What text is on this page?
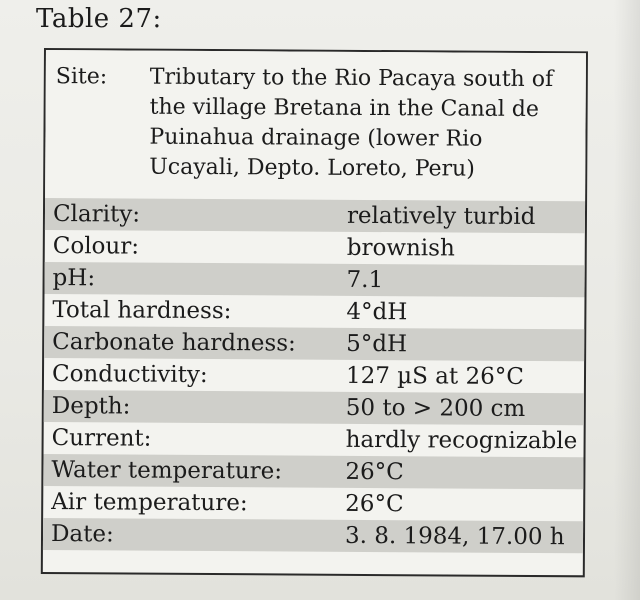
Table 27:
Site: Tributary to the Rio Pacaya south of
the village Bretana in the Canal de
Puinahua drainage (lower Rio
Ucayali, Depto. Loreto, Peru)
Clarity:	relatively turbid
Colour:	brownish
pH:	7.1
Total hardness:	4°dH
Carbonate hardness: 5°dH
Conductivity:	127 µS at 26°C
Depth:	50 to > 200 cm
Current:	hardly recognizable
Water temperature:	26°C
Air temperature:	26°C
Date:	3. 8. 1984, 17.00 h
